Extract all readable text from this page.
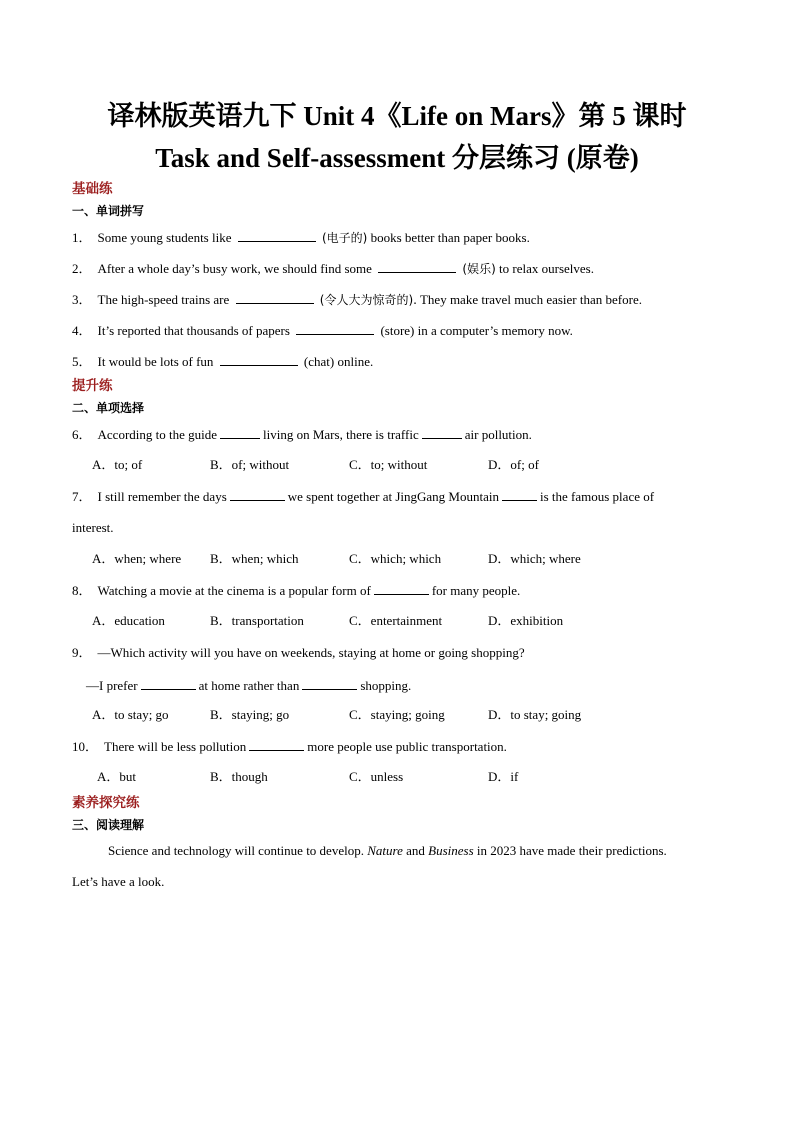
译林版英语九下 Unit 4《Life on Mars》第 5 课时
Task and Self-assessment 分层练习 (原卷)
基础练
一、单词拼写
1． Some young students like	(电子的) books better than paper books.
2． After a whole day’s busy work, we should find some	(娱乐) to relax ourselves.
3． The high-speed trains are	(令人大为惊奇的). They make travel much easier than before.
4． It’s reported that thousands of papers	(store) in a computer’s memory now.
5． It would be lots of fun	(chat) online.
提升练
二、单项选择
6． According to the guide	living on Mars, there is traffic	air pollution.
A．to; of	B．of; without	C．to; without	D．of; of
7． I still remember the days	we spent together at JingGang Mountain	is the famous place of
interest.
A．when; where B．when; which	C．which; which	D．which; where
8． Watching a movie at the cinema is a popular form of	for many people.
A．education	B．transportation	C．entertainment	D．exhibition
9． —Which activity will you have on weekends, staying at home or going shopping?
—I prefer	at home rather than	shopping.
A．to stay; go	B．staying; go	C．staying; going	D．to stay; going
10． There will be less pollution	more people use public transportation.
A．but	B．though	C．unless	D．if
素养探究练
三、阅读理解
Science and technology will continue to develop. Nature and Business in 2023 have made their predictions.
Let’s have a look.
